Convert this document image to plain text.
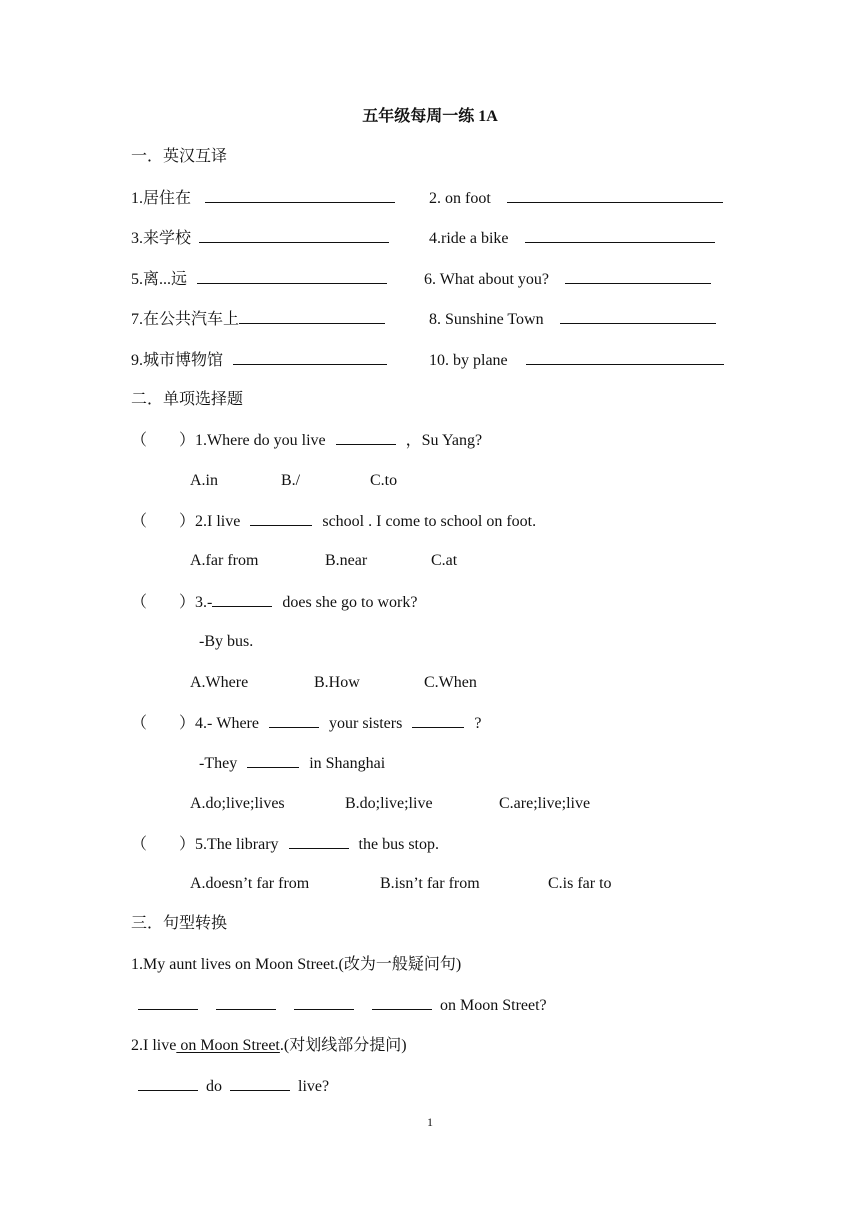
五年级每周一练 1A
一．英汉互译
1.居住在	2. on foot
3.来学校	4.ride a bike
5.离...远	6. What about you?
7.在公共汽车上	8. Sunshine Town
9.城市博物馆	10. by plane
二．单项选择题
（　　）1.Where do you live	，Su Yang?
A.in	B./	C.to
（　　）2.I live	school . I come to school on foot.
A.far from	B.near	C.at
（　　）3.-	does she go to work?
-By bus.
A.Where	B.How	C.When
（　　）4.- Where	your sisters	?
-They	in Shanghai
A.do;live;lives	B.do;live;live	C.are;live;live
（　　）5.The library	the bus stop.
A.doesn’t far from	B.isn’t far from	C.is far to
三．句型转换
1.My aunt lives on Moon Street.(改为一般疑问句)
on Moon Street?
2.I live on Moon Street.(对划线部分提问)
do	live?
1
